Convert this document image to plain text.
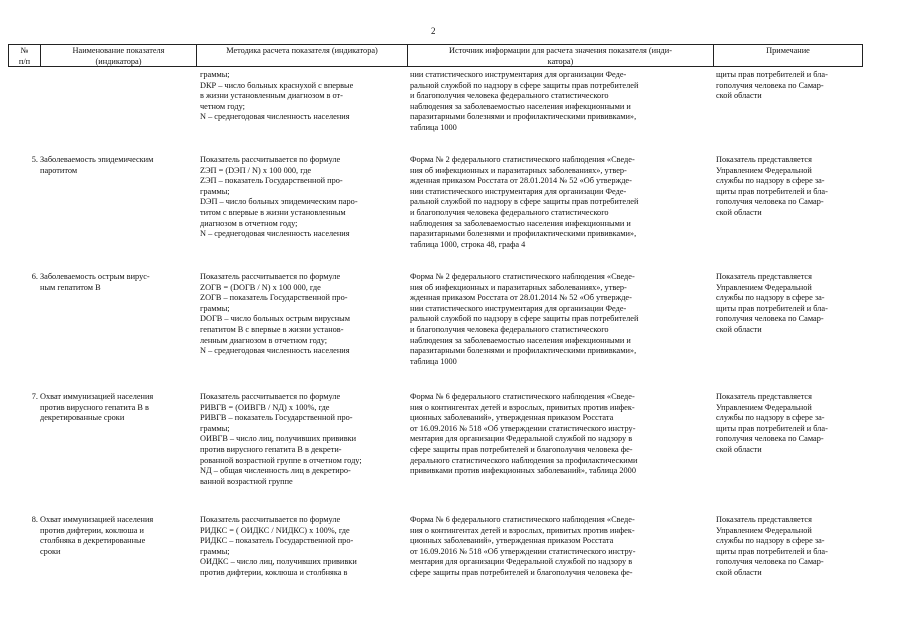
2
№
п/п
Наименование показателя
(индикатора)
Методика расчета показателя (индикатора)	Источник информации для расчета значения показателя (инди-
катора)
Примечание
граммы;
DКР – число больных краснухой с впервые
в жизни установленным диагнозом в от-
четном году;
N – среднегодовая численность населения
нии статистического инструментария для организации Феде-
ральной службой по надзору в сфере защиты прав потребителей
и благополучия человека федерального статистического
наблюдения за заболеваемостью населения инфекционными и
паразитарными болезнями и профилактическими прививками»,
таблица 1000
щиты прав потребителей и бла-
гополучия человека по Самар-
ской области
5. Заболеваемость эпидемическим
паротитом
Показатель рассчитывается по формуле
ZЭП = (DЭП / N) х 100 000, где
ZЭП – показатель Государственной про-
граммы;
DЭП – число больных эпидемическим паро-
титом с впервые в жизни установленным
диагнозом в отчетном году;
N – среднегодовая численность населения
Форма № 2 федерального статистического наблюдения «Сведе-
ния об инфекционных и паразитарных заболеваниях», утвер-
жденная приказом Росстата от 28.01.2014 № 52 «Об утвержде-
нии статистического инструментария для организации Феде-
ральной службой по надзору в сфере защиты прав потребителей
и благополучия человека федерального статистического
наблюдения за заболеваемостью населения инфекционными и
паразитарными болезнями и профилактическими прививками»,
таблица 1000, строка 48, графа 4
Показатель представляется
Управлением Федеральной
службы по надзору в сфере за-
щиты прав потребителей и бла-
гополучия человека по Самар-
ской области
6. Заболеваемость острым вирус-
ным гепатитом В
Показатель рассчитывается по формуле
ZОГВ = (DОГВ / N) х 100 000, где
ZОГВ – показатель Государственной про-
граммы;
DОГВ – число больных острым вирусным
гепатитом В с впервые в жизни установ-
ленным диагнозом в отчетном году;
N – среднегодовая численность населения
Форма № 2 федерального статистического наблюдения «Сведе-
ния об инфекционных и паразитарных заболеваниях», утвер-
жденная приказом Росстата от 28.01.2014 № 52 «Об утвержде-
нии статистического инструментария для организации Феде-
ральной службой по надзору в сфере защиты прав потребителей
и благополучия человека федерального статистического
наблюдения за заболеваемостью населения инфекционными и
паразитарными болезнями и профилактическими прививками»,
таблица 1000
Показатель представляется
Управлением Федеральной
службы по надзору в сфере за-
щиты прав потребителей и бла-
гополучия человека по Самар-
ской области
7. Охват иммунизацией населения
против вирусного гепатита В в
декретированные сроки
Показатель рассчитывается по формуле
PИВГВ = (OИВГВ / NД) х 100%, где
PИВГВ – показатель Государственной про-
граммы;
OИВГВ – число лиц, получивших прививки
против вирусного гепатита В в декрети-
рованной возрастной группе в отчетном году;
NД – общая численность лиц в декретиро-
ванной возрастной группе
Форма № 6 федерального статистического наблюдения «Сведе-
ния о контингентах детей и взрослых, привитых против инфек-
ционных заболеваний», утвержденная приказом Росстата
от 16.09.2016 № 518 «Об утверждении статистического инстру-
ментария для организации Федеральной службой по надзору в
сфере защиты прав потребителей и благополучия человека фе-
дерального статистического наблюдения за профилактическими
прививками против инфекционных заболеваний», таблица 2000
Показатель представляется
Управлением Федеральной
службы по надзору в сфере за-
щиты прав потребителей и бла-
гополучия человека по Самар-
ской области
8. Охват иммунизацией населения
против дифтерии, коклюша и
столбняка в декретированные
сроки
Показатель рассчитывается по формуле
PИДКС = ( OИДКС / NИДКС) х 100%, где
PИДКС – показатель Государственной про-
граммы;
OИДКС – число лиц, получивших прививки
против дифтерии, коклюша и столбняка в
Форма № 6 федерального статистического наблюдения «Сведе-
ния о контингентах детей и взрослых, привитых против инфек-
ционных заболеваний», утвержденная приказом Росстата
от 16.09.2016 № 518 «Об утверждении статистического инстру-
ментария для организации Федеральной службой по надзору в
сфере защиты прав потребителей и благополучия человека фе-
Показатель представляется
Управлением Федеральной
службы по надзору в сфере за-
щиты прав потребителей и бла-
гополучия человека по Самар-
ской области
